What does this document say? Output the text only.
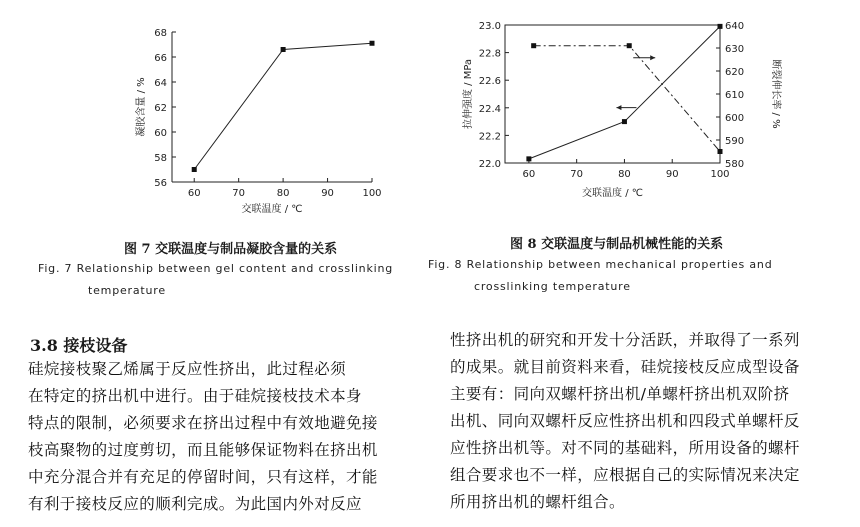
60	70	80	90	100
56
58
60
62
64
66
68
交联温度 / ℃
凝胶含量 / %
60	70	80	90	100
22.0
22.2
22.4
22.6
22.8
23.0
580
590
600
610
620
630
640
交联温度 / ℃
拉伸强度 / MPa	断裂伸长率 / %
图 7 交联温度与制品凝胶含量的关系
Fig. 7 Relationship between gel content and crosslinking
temperature
图 8 交联温度与制品机械性能的关系
Fig. 8 Relationship between mechanical properties and
crosslinking temperature
3.8 接枝设备
硅烷接枝聚乙烯属于反应性挤出，此过程必须
在特定的挤出机中进行。由于硅烷接枝技术本身
特点的限制，必须要求在挤出过程中有效地避免接
枝高聚物的过度剪切，而且能够保证物料在挤出机
中充分混合并有充足的停留时间，只有这样，才能
有利于接枝反应的顺利完成。为此国内外对反应
性挤出机的研究和开发十分活跃，并取得了一系列
的成果。就目前资料来看，硅烷接枝反应成型设备
主要有：同向双螺杆挤出机/单螺杆挤出机双阶挤
出机、同向双螺杆反应性挤出机和四段式单螺杆反
应性挤出机等。对不同的基础料，所用设备的螺杆
组合要求也不一样，应根据自己的实际情况来决定
所用挤出机的螺杆组合。
